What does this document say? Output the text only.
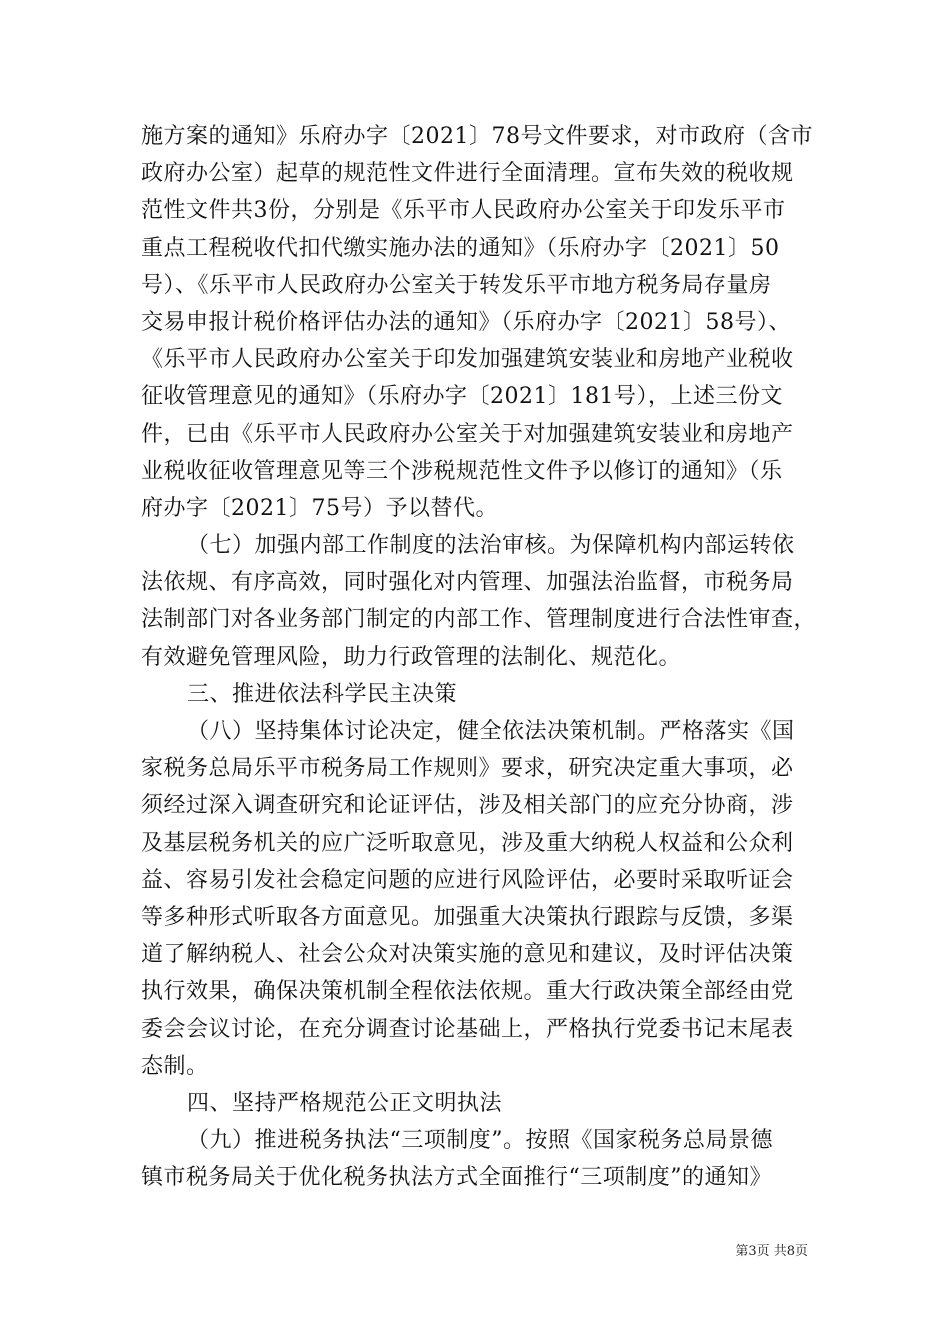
施方案的通知》乐府办字〔2021〕78号文件要求，对市政府（含市
政府办公室）起草的规范性文件进行全面清理。宣布失效的税收规
范性文件共3份，分别是《乐平市人民政府办公室关于印发乐平市
重点工程税收代扣代缴实施办法的通知》（乐府办字〔2021〕50
号）、《乐平市人民政府办公室关于转发乐平市地方税务局存量房
交易申报计税价格评估办法的通知》（乐府办字〔2021〕58号）、
《乐平市人民政府办公室关于印发加强建筑安装业和房地产业税收
征收管理意见的通知》（乐府办字〔2021〕181号），上述三份文
件，已由《乐平市人民政府办公室关于对加强建筑安装业和房地产
业税收征收管理意见等三个涉税规范性文件予以修订的通知》（乐
府办字〔2021〕75号）予以替代。
（七）加强内部工作制度的法治审核。为保障机构内部运转依
法依规、有序高效，同时强化对内管理、加强法治监督，市税务局
法制部门对各业务部门制定的内部工作、管理制度进行合法性审查，
有效避免管理风险，助力行政管理的法制化、规范化。
三、推进依法科学民主决策
（八）坚持集体讨论决定，健全依法决策机制。严格落实《国
家税务总局乐平市税务局工作规则》要求，研究决定重大事项，必
须经过深入调查研究和论证评估，涉及相关部门的应充分协商，涉
及基层税务机关的应广泛听取意见，涉及重大纳税人权益和公众利
益、容易引发社会稳定问题的应进行风险评估，必要时采取听证会
等多种形式听取各方面意见。加强重大决策执行跟踪与反馈，多渠
道了解纳税人、社会公众对决策实施的意见和建议，及时评估决策
执行效果，确保决策机制全程依法依规。重大行政决策全部经由党
委会会议讨论，在充分调查讨论基础上，严格执行党委书记末尾表
态制。
四、坚持严格规范公正文明执法
（九）推进税务执法“三项制度”。按照《国家税务总局景德
镇市税务局关于优化税务执法方式全面推行“三项制度”的通知》
第3页 共8页
